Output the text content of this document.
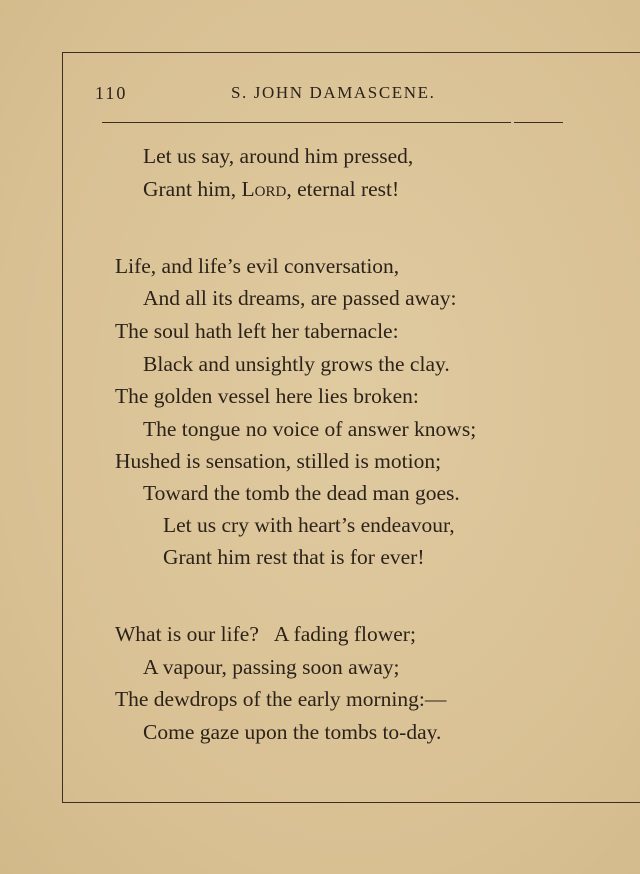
110	S. JOHN DAMASCENE.
Let us say, around him pressed,
Grant him, Lord, eternal rest!
Life, and life’s evil conversation,
And all its dreams, are passed away:
The soul hath left her tabernacle:
Black and unsightly grows the clay.
The golden vessel here lies broken:
The tongue no voice of answer knows;
Hushed is sensation, stilled is motion;
Toward the tomb the dead man goes.
Let us cry with heart’s endeavour,
Grant him rest that is for ever!
What is our life?   A fading flower;
A vapour, passing soon away;
The dewdrops of the early morning:—
Come gaze upon the tombs to-day.
